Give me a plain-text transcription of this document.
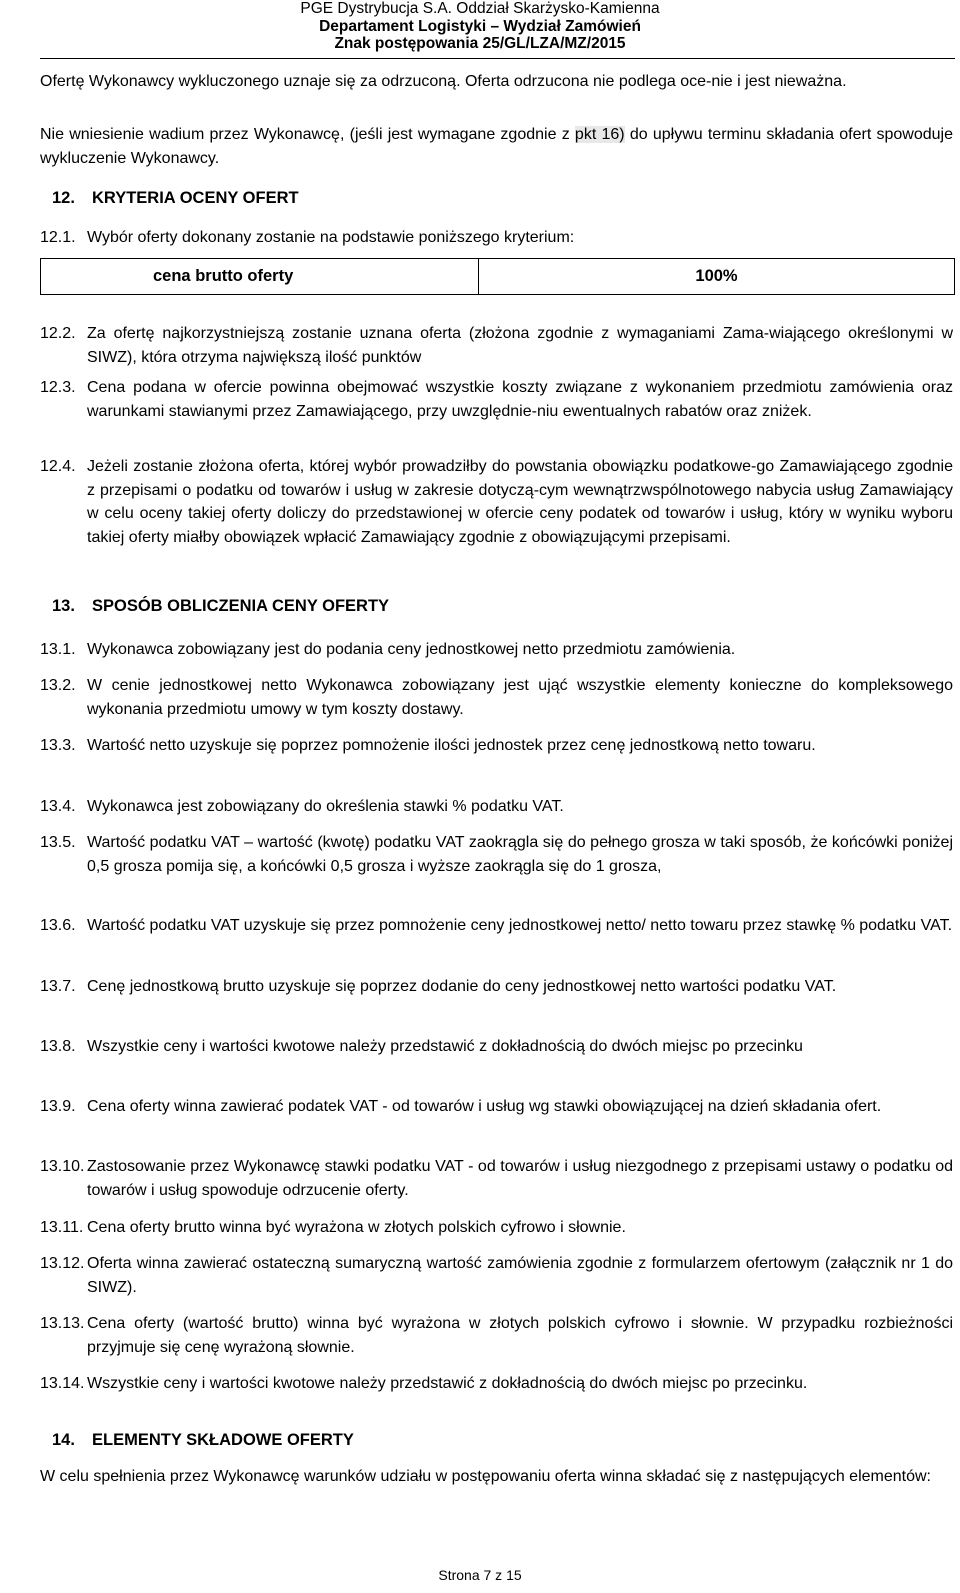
PGE Dystrybucja S.A. Oddział Skarżysko-Kamienna
Departament Logistyki – Wydział Zamówień
Znak postępowania 25/GL/LZA/MZ/2015
Ofertę Wykonawcy wykluczonego uznaje się za odrzuconą. Oferta odrzucona nie podlega oce-nie i jest nieważna.
Nie wniesienie wadium przez Wykonawcę, (jeśli jest wymagane zgodnie z pkt 16) do upływu terminu składania ofert spowoduje wykluczenie Wykonawcy.
12. KRYTERIA OCENY OFERT
12.1. Wybór oferty dokonany zostanie na podstawie poniższego kryterium:
cena brutto oferty	100%
12.2. Za ofertę najkorzystniejszą zostanie uznana oferta (złożona zgodnie z wymaganiami Zama-wiającego określonymi w SIWZ), która otrzyma największą ilość punktów
12.3. Cena podana w ofercie powinna obejmować wszystkie koszty związane z wykonaniem przedmiotu zamówienia oraz warunkami stawianymi przez Zamawiającego, przy uwzględnie-niu ewentualnych rabatów oraz zniżek.
12.4. Jeżeli zostanie złożona oferta, której wybór prowadziłby do powstania obowiązku podatkowe-go Zamawiającego zgodnie z przepisami o podatku od towarów i usług w zakresie dotyczą-cym wewnątrzwspólnotowego nabycia usług Zamawiający w celu oceny takiej oferty doliczy do przedstawionej w ofercie ceny podatek od towarów i usług, który w wyniku wyboru takiej oferty miałby obowiązek wpłacić Zamawiający zgodnie z obowiązującymi przepisami.
13. SPOSÓB OBLICZENIA CENY OFERTY
13.1. Wykonawca zobowiązany jest do podania ceny jednostkowej netto przedmiotu zamówienia.
13.2. W cenie jednostkowej netto Wykonawca zobowiązany jest ująć wszystkie elementy konieczne do kompleksowego wykonania przedmiotu umowy w tym koszty dostawy.
13.3. Wartość netto uzyskuje się poprzez pomnożenie ilości jednostek przez cenę jednostkową netto towaru.
13.4. Wykonawca jest zobowiązany do określenia stawki % podatku VAT.
13.5. Wartość podatku VAT – wartość (kwotę) podatku VAT zaokrągla się do pełnego grosza w taki sposób, że końcówki poniżej 0,5 grosza pomija się, a końcówki 0,5 grosza i wyższe zaokrągla się do 1 grosza,
13.6. Wartość podatku VAT uzyskuje się przez pomnożenie ceny jednostkowej netto/ netto towaru przez stawkę % podatku VAT.
13.7. Cenę jednostkową brutto uzyskuje się poprzez dodanie do ceny jednostkowej netto wartości podatku VAT.
13.8. Wszystkie ceny i wartości kwotowe należy przedstawić z dokładnością do dwóch miejsc po przecinku
13.9. Cena oferty winna zawierać podatek VAT - od towarów i usług wg stawki obowiązującej na dzień składania ofert.
13.10. Zastosowanie przez Wykonawcę stawki podatku VAT - od towarów i usług niezgodnego z przepisami ustawy o podatku od towarów i usług spowoduje odrzucenie oferty.
13.11. Cena oferty brutto winna być wyrażona w złotych polskich cyfrowo i słownie.
13.12. Oferta winna zawierać ostateczną sumaryczną wartość zamówienia zgodnie z formularzem ofertowym (załącznik nr 1 do SIWZ).
13.13. Cena oferty (wartość brutto) winna być wyrażona w złotych polskich cyfrowo i słownie. W przypadku rozbieżności przyjmuje się cenę wyrażoną słownie.
13.14. Wszystkie ceny i wartości kwotowe należy przedstawić z dokładnością do dwóch miejsc po przecinku.
14. ELEMENTY SKŁADOWE OFERTY
W celu spełnienia przez Wykonawcę warunków udziału w postępowaniu oferta winna składać się z następujących elementów:
Strona 7 z 15
